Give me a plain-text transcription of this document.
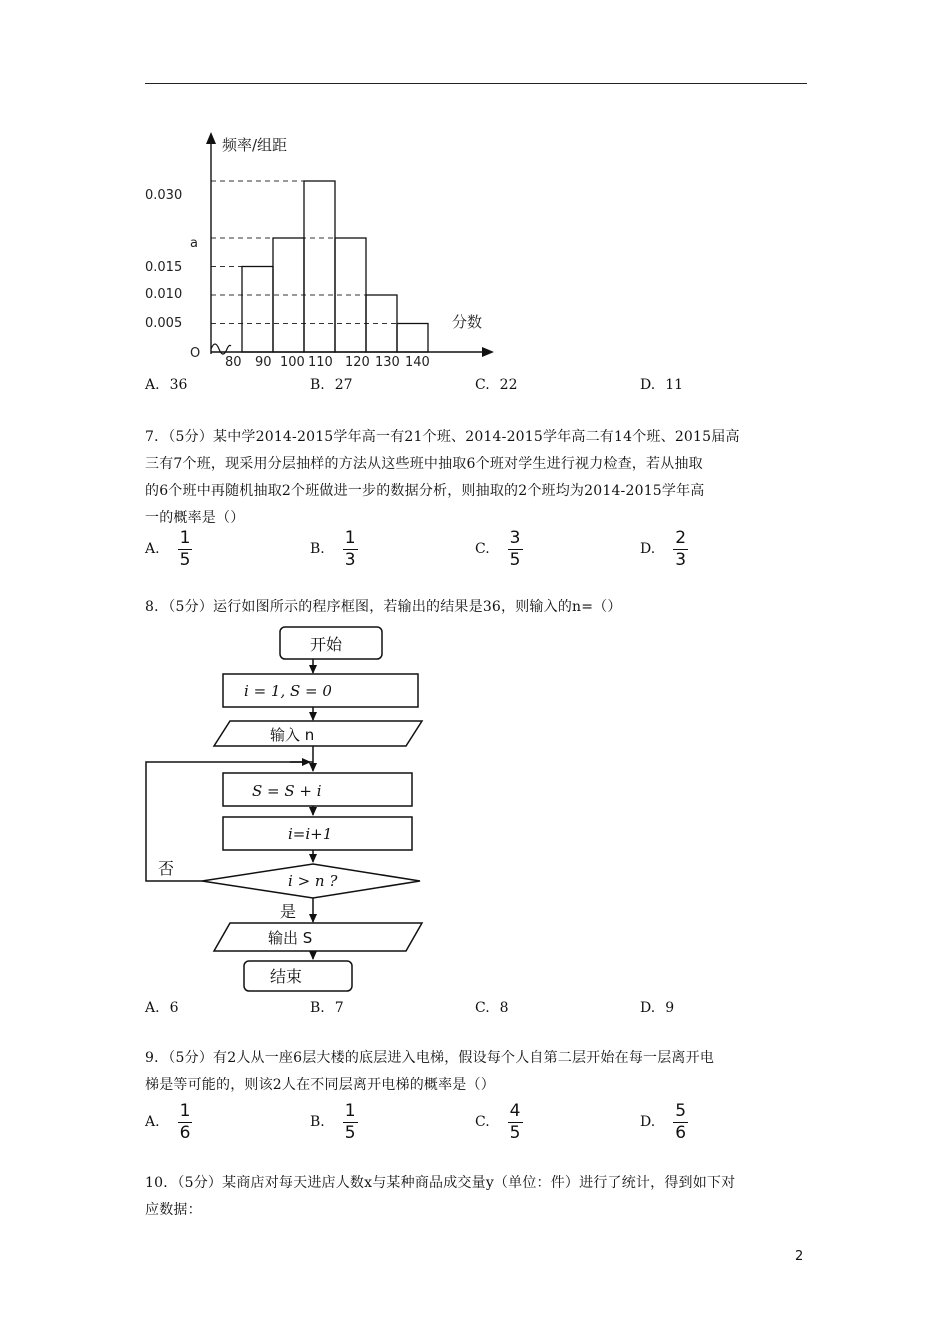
频率/组距
分数
O
0.030
a
0.015
0.010
0.005
80 90 100 110 120 130 140
A. 36	B. 27	C. 22	D. 11
7．（5分）某中学2014-2015学年高一有21个班、2014-2015学年高二有14个班、2015届高
三有7个班，现采用分层抽样的方法从这些班中抽取6个班对学生进行视力检查，若从抽取
的6个班中再随机抽取2个班做进一步的数据分析，则抽取的2个班均为2014-2015学年高
一的概率是（）
A. $\frac{1}{5}$	B. $\frac{1}{3}$	C. $\frac{3}{5}$	D. $\frac{2}{3}$
8．（5分）运行如图所示的程序框图，若输出的结果是36，则输入的n=（）
开始
i = 1, S = 0
输入 n
S = S + i
i=i+1
i > n ?
否
是
输出 S
结束
A. 6	B. 7	C. 8	D. 9
9．（5分）有2人从一座6层大楼的底层进入电梯，假设每个人自第二层开始在每一层离开电
梯是等可能的，则该2人在不同层离开电梯的概率是（）
A. $\frac{1}{6}$	B. $\frac{1}{5}$	C. $\frac{4}{5}$	D. $\frac{5}{6}$
10．（5分）某商店对每天进店人数x与某种商品成交量y（单位：件）进行了统计，得到如下对
应数据：
2
